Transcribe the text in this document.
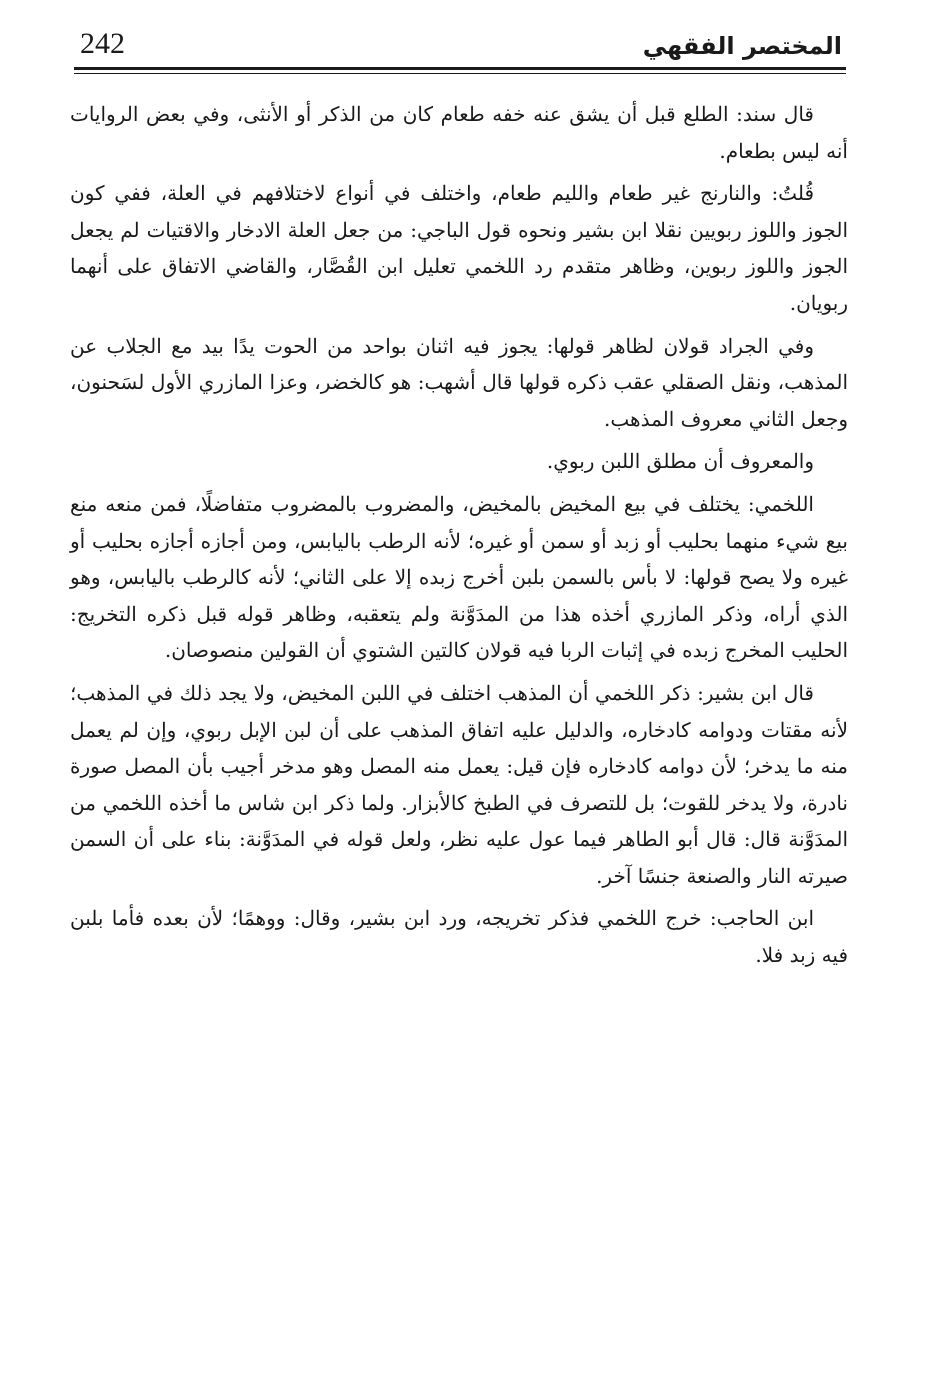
242	المختصر الفقهي

قال سند: الطلع قبل أن يشق عنه خفه طعام كان من الذكر أو الأنثى، وفي بعض الروايات أنه ليس بطعام.

قُلتُ: والنارنج غير طعام والليم طعام، واختلف في أنواع لاختلافهم في العلة، ففي كون الجوز واللوز ربويين نقلا ابن بشير ونحوه قول الباجي: من جعل العلة الادخار والاقتيات لم يجعل الجوز واللوز ربوين، وظاهر متقدم رد اللخمي تعليل ابن القُصَّار، والقاضي الاتفاق على أنهما ربويان.

وفي الجراد قولان لظاهر قولها: يجوز فيه اثنان بواحد من الحوت يدًا بيد مع الجلاب عن المذهب، ونقل الصقلي عقب ذكره قولها قال أشهب: هو كالخضر، وعزا المازري الأول لسَحنون، وجعل الثاني معروف المذهب.

والمعروف أن مطلق اللبن ربوي.

اللخمي: يختلف في بيع المخيض بالمخيض، والمضروب بالمضروب متفاضلًا، فمن منعه منع بيع شيء منهما بحليب أو زبد أو سمن أو غيره؛ لأنه الرطب باليابس، ومن أجازه أجازه بحليب أو غيره ولا يصح قولها: لا بأس بالسمن بلبن أخرج زبده إلا على الثاني؛ لأنه كالرطب باليابس، وهو الذي أراه، وذكر المازري أخذه هذا من المدَوَّنة ولم يتعقبه، وظاهر قوله قبل ذكره التخريج: الحليب المخرج زبده في إثبات الربا فيه قولان كالتين الشتوي أن القولين منصوصان.

قال ابن بشير: ذكر اللخمي أن المذهب اختلف في اللبن المخيض، ولا يجد ذلك في المذهب؛ لأنه مقتات ودوامه كادخاره، والدليل عليه اتفاق المذهب على أن لبن الإبل ربوي، وإن لم يعمل منه ما يدخر؛ لأن دوامه كادخاره فإن قيل: يعمل منه المصل وهو مدخر أجيب بأن المصل صورة نادرة، ولا يدخر للقوت؛ بل للتصرف في الطبخ كالأبزار. ولما ذكر ابن شاس ما أخذه اللخمي من المدَوَّنة قال: قال أبو الطاهر فيما عول عليه نظر، ولعل قوله في المدَوَّنة: بناء على أن السمن صيرته النار والصنعة جنسًا آخر.

ابن الحاجب: خرج اللخمي فذكر تخريجه، ورد ابن بشير، وقال: ووهمًا؛ لأن بعده فأما بلبن فيه زبد فلا.
